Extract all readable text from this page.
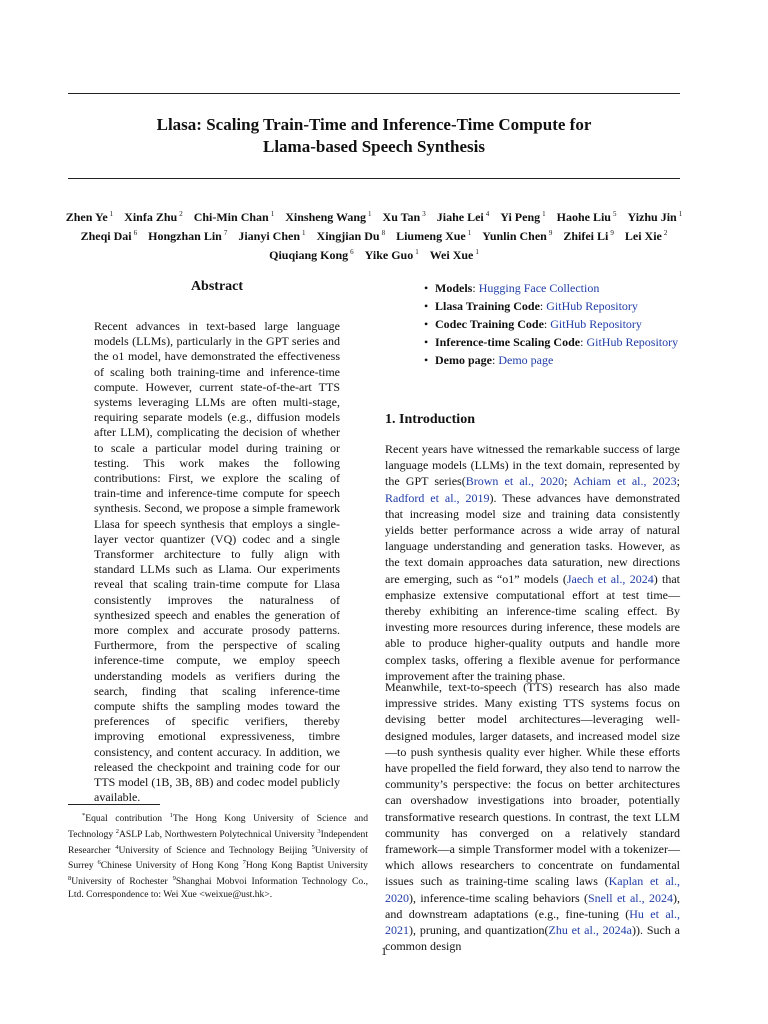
Llasa: Scaling Train-Time and Inference-Time Compute for
Llama-based Speech Synthesis
Zhen Ye $^1$ Xinfa Zhu $^2$ Chi-Min Chan $^1$ Xinsheng Wang $^1$ Xu Tan $^3$ Jiahe Lei $^4$ Yi Peng $^1$ Haohe Liu $^5$ Yizhu Jin $^1$ Zheqi Dai $^6$ Hongzhan Lin $^7$ Jianyi Chen $^1$ Xingjian Du $^8$ Liumeng Xue $^1$ Yunlin Chen $^9$ Zhifei Li $^9$ Lei Xie $^2$ Qiuqiang Kong $^6$ Yike Guo $^1$ Wei Xue $^1$
Abstract
Recent advances in text-based large language models (LLMs), particularly in the GPT series and the o1 model, have demonstrated the effectiveness of scaling both training-time and inference-time compute. However, current state-of-the-art TTS systems leveraging LLMs are often multi-stage, requiring separate models (e.g., diffusion models after LLM), complicating the decision of whether to scale a particular model during training or testing. This work makes the following contributions: First, we explore the scaling of train-time and inference-time compute for speech synthesis. Second, we propose a simple framework Llasa for speech synthesis that employs a single-layer vector quantizer (VQ) codec and a single Transformer architecture to fully align with standard LLMs such as Llama. Our experiments reveal that scaling train-time compute for Llasa consistently improves the naturalness of synthesized speech and enables the generation of more complex and accurate prosody patterns. Furthermore, from the perspective of scaling inference-time compute, we employ speech understanding models as verifiers during the search, finding that scaling inference-time compute shifts the sampling modes toward the preferences of specific verifiers, thereby improving emotional expressiveness, timbre consistency, and content accuracy. In addition, we released the checkpoint and training code for our TTS model (1B, 3B, 8B) and codec model publicly available.
*Equal contribution $^1$The Hong Kong University of Science and Technology $^2$ASLP Lab, Northwestern Polytechnical University $^3$Independent Researcher $^4$University of Science and Technology Beijing $^5$University of Surrey $^6$Chinese University of Hong Kong $^7$Hong Kong Baptist University $^8$University of Rochester $^9$Shanghai Mobvoi Information Technology Co., Ltd. Correspondence to: Wei Xue <weixue@ust.hk>.
• Models: Hugging Face Collection
• Llasa Training Code: GitHub Repository
• Codec Training Code: GitHub Repository
• Inference-time Scaling Code: GitHub Repository
• Demo page: Demo page
1. Introduction

Recent years have witnessed the remarkable success of large language models (LLMs) in the text domain, represented by the GPT series(Brown et al., 2020; Achiam et al., 2023; Radford et al., 2019). These advances have demonstrated that increasing model size and training data consistently yields better performance across a wide array of natural language understanding and generation tasks. However, as the text domain approaches data saturation, new directions are emerging, such as “o1” models (Jaech et al., 2024) that emphasize extensive computational effort at test time—thereby exhibiting an inference-time scaling effect. By investing more resources during inference, these models are able to produce higher-quality outputs and handle more complex tasks, offering a flexible avenue for performance improvement after the training phase.

Meanwhile, text-to-speech (TTS) research has also made impressive strides. Many existing TTS systems focus on devising better model architectures—leveraging well-designed modules, larger datasets, and increased model size—to push synthesis quality ever higher. While these efforts have propelled the field forward, they also tend to narrow the community’s perspective: the focus on better architectures can overshadow investigations into broader, potentially transformative research questions. In contrast, the text LLM community has converged on a relatively standard framework—a simple Transformer model with a tokenizer—which allows researchers to concentrate on fundamental issues such as training-time scaling laws (Kaplan et al., 2020), inference-time scaling behaviors (Snell et al., 2024), and downstream adaptations (e.g., fine-tuning (Hu et al., 2021), pruning, and quantization(Zhu et al., 2024a)). Such a common design

1
